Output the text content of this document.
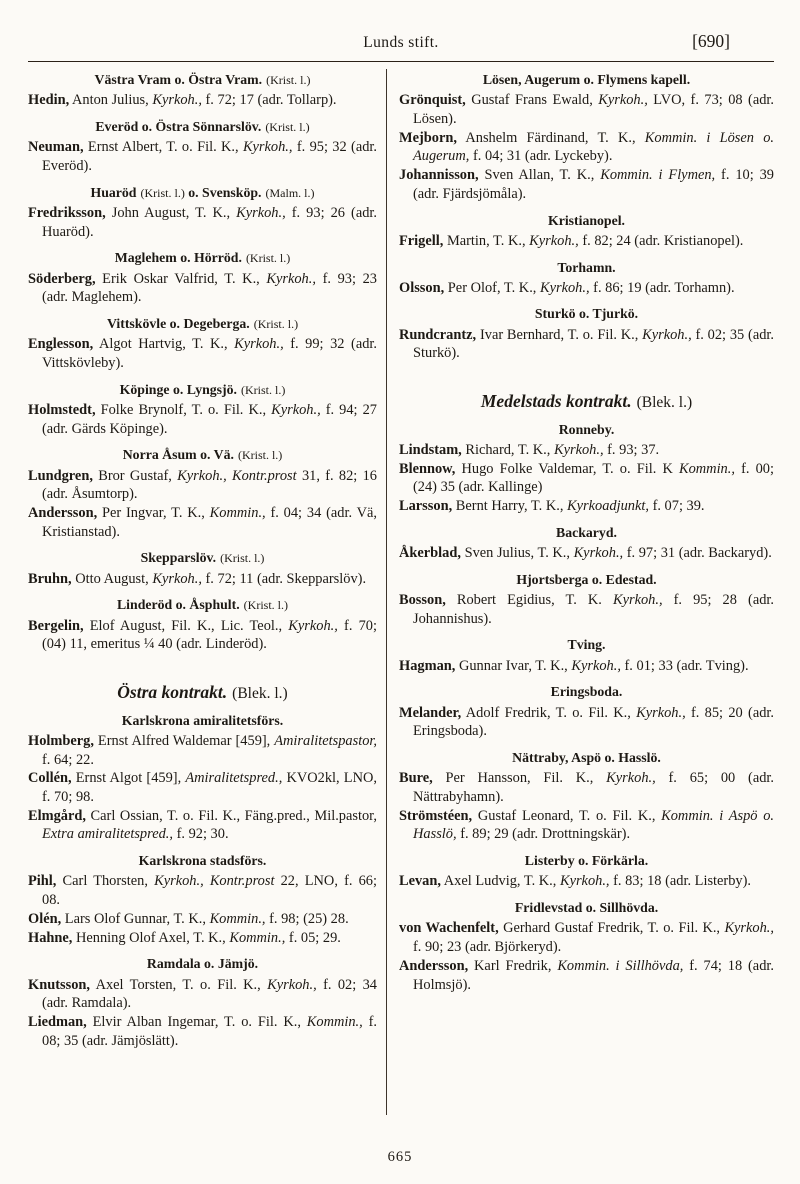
Lunds stift.	[690]
Västra Vram o. Östra Vram. (Krist. l.)

Hedin, Anton Julius, Kyrkoh., f. 72; 17 (adr. Tollarp).

Everöd o. Östra Sönnarslöv. (Krist. l.)

Neuman, Ernst Albert, T. o. Fil. K., Kyrkoh., f. 95; 32 (adr. Everöd).

Huaröd (Krist. l.) o. Svensköp. (Malm. l.)

Fredriksson, John August, T. K., Kyrkoh., f. 93; 26 (adr. Huaröd).

Maglehem o. Hörröd. (Krist. l.)

Söderberg, Erik Oskar Valfrid, T. K., Kyrkoh., f. 93; 23 (adr. Maglehem).

Vittskövle o. Degeberga. (Krist. l.)

Englesson, Algot Hartvig, T. K., Kyrkoh., f. 99; 32 (adr. Vittskövleby).

Köpinge o. Lyngsjö. (Krist. l.)

Holmstedt, Folke Brynolf, T. o. Fil. K., Kyrkoh., f. 94; 27 (adr. Gärds Köpinge).

Norra Åsum o. Vä. (Krist. l.)

Lundgren, Bror Gustaf, Kyrkoh., Kontr.prost 31, f. 82; 16 (adr. Åsumtorp).

Andersson, Per Ingvar, T. K., Kommin., f. 04; 34 (adr. Vä, Kristianstad).

Skepparslöv. (Krist. l.)

Bruhn, Otto August, Kyrkoh., f. 72; 11 (adr. Skepparslöv).

Linderöd o. Åsphult. (Krist. l.)

Bergelin, Elof August, Fil. K., Lic. Teol., Kyrkoh., f. 70; (04) 11, emeritus ¼ 40 (adr. Linderöd).

Östra kontrakt. (Blek. l.)
Karlskrona amiralitetsförs.

Holmberg, Ernst Alfred Waldemar [459], Amiralitetspastor, f. 64; 22.

Collén, Ernst Algot [459], Amiralitetspred., KVO2kl, LNO, f. 70; 98.

Elmgård, Carl Ossian, T. o. Fil. K., Fäng.pred., Mil.pastor, Extra amiralitetspred., f. 92; 30.

Karlskrona stadsförs.

Pihl, Carl Thorsten, Kyrkoh., Kontr.prost 22, LNO, f. 66; 08.

Olén, Lars Olof Gunnar, T. K., Kommin., f. 98; (25) 28.

Hahne, Henning Olof Axel, T. K., Kommin., f. 05; 29.

Ramdala o. Jämjö.

Knutsson, Axel Torsten, T. o. Fil. K., Kyrkoh., f. 02; 34 (adr. Ramdala).

Liedman, Elvir Alban Ingemar, T. o. Fil. K., Kommin., f. 08; 35 (adr. Jämjöslätt).

Lösen, Augerum o. Flymens kapell.

Grönquist, Gustaf Frans Ewald, Kyrkoh., LVO, f. 73; 08 (adr. Lösen).

Mejborn, Anshelm Färdinand, T. K., Kommin. i Lösen o. Augerum, f. 04; 31 (adr. Lyckeby).

Johannisson, Sven Allan, T. K., Kommin. i Flymen, f. 10; 39 (adr. Fjärdsjömåla).

Kristianopel.

Frigell, Martin, T. K., Kyrkoh., f. 82; 24 (adr. Kristianopel).

Torhamn.

Olsson, Per Olof, T. K., Kyrkoh., f. 86; 19 (adr. Torhamn).

Sturkö o. Tjurkö.

Rundcrantz, Ivar Bernhard, T. o. Fil. K., Kyrkoh., f. 02; 35 (adr. Sturkö).

Medelstads kontrakt. (Blek. l.)
Ronneby.

Lindstam, Richard, T. K., Kyrkoh., f. 93; 37.

Blennow, Hugo Folke Valdemar, T. o. Fil. K Kommin., f. 00; (24) 35 (adr. Kallinge)

Larsson, Bernt Harry, T. K., Kyrkoadjunkt, f. 07; 39.

Backaryd.

Åkerblad, Sven Julius, T. K., Kyrkoh., f. 97; 31 (adr. Backaryd).

Hjortsberga o. Edestad.

Bosson, Robert Egidius, T. K. Kyrkoh., f. 95; 28 (adr. Johannishus).

Tving.

Hagman, Gunnar Ivar, T. K., Kyrkoh., f. 01; 33 (adr. Tving).

Eringsboda.

Melander, Adolf Fredrik, T. o. Fil. K., Kyrkoh., f. 85; 20 (adr. Eringsboda).

Nättraby, Aspö o. Hasslö.

Bure, Per Hansson, Fil. K., Kyrkoh., f. 65; 00 (adr. Nättrabyhamn).

Strömstéen, Gustaf Leonard, T. o. Fil. K., Kommin. i Aspö o. Hasslö, f. 89; 29 (adr. Drottningskär).

Listerby o. Förkärla.

Levan, Axel Ludvig, T. K., Kyrkoh., f. 83; 18 (adr. Listerby).

Fridlevstad o. Sillhövda.

von Wachenfelt, Gerhard Gustaf Fredrik, T. o. Fil. K., Kyrkoh., f. 90; 23 (adr. Björkeryd).

Andersson, Karl Fredrik, Kommin. i Sillhövda, f. 74; 18 (adr. Holmsjö).

665
